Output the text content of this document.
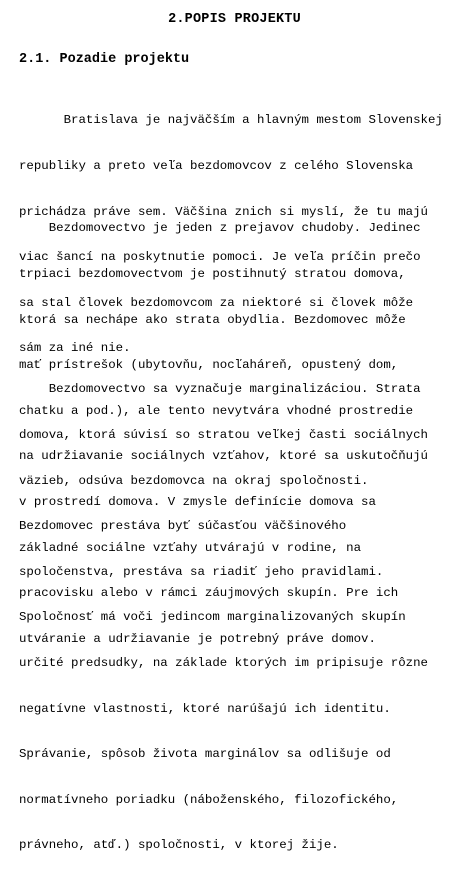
2.POPIS PROJEKTU
2.1. Pozadie projektu

Bratislava je najväčším a hlavným mestom Slovenskej

republiky a preto veľa bezdomovcov z celého Slovenska

prichádza práve sem. Väčšina znich si myslí, že tu majú

viac šancí na poskytnutie pomoci. Je veľa príčin prečo

sa stal človek bezdomovcom za niektoré si človek môže

sám za iné nie.

Bezdomovectvo je jeden z prejavov chudoby. Jedinec

trpiaci bezdomovectvom je postihnutý stratou domova,

ktorá sa nechápe ako strata obydlia. Bezdomovec môže

mať prístrešok (ubytovňu, nocľaháreň, opustený dom,

chatku a pod.), ale tento nevytvára vhodné prostredie

na udržiavanie sociálnych vzťahov, ktoré sa uskutočňujú

v prostredí domova. V zmysle definície domova sa

základné sociálne vzťahy utvárajú v rodine, na

pracovisku alebo v rámci záujmových skupín. Pre ich

utváranie a udržiavanie je potrebný práve domov.

Bezdomovectvo sa vyznačuje marginalizáciou. Strata

domova, ktorá súvisí so stratou veľkej časti sociálnych

väzieb, odsúva bezdomovca na okraj spoločnosti.

Bezdomovec prestáva byť súčasťou väčšinového

spoločenstva, prestáva sa riadiť jeho pravidlami.

Spoločnosť má voči jedincom marginalizovaných skupín

určité predsudky, na základe ktorých im pripisuje rôzne

negatívne vlastnosti, ktoré narúšajú ich identitu.

Správanie, spôsob života marginálov sa odlišuje od

normatívneho poriadku (náboženského, filozofického,

právneho, atď.) spoločnosti, v ktorej žije.
